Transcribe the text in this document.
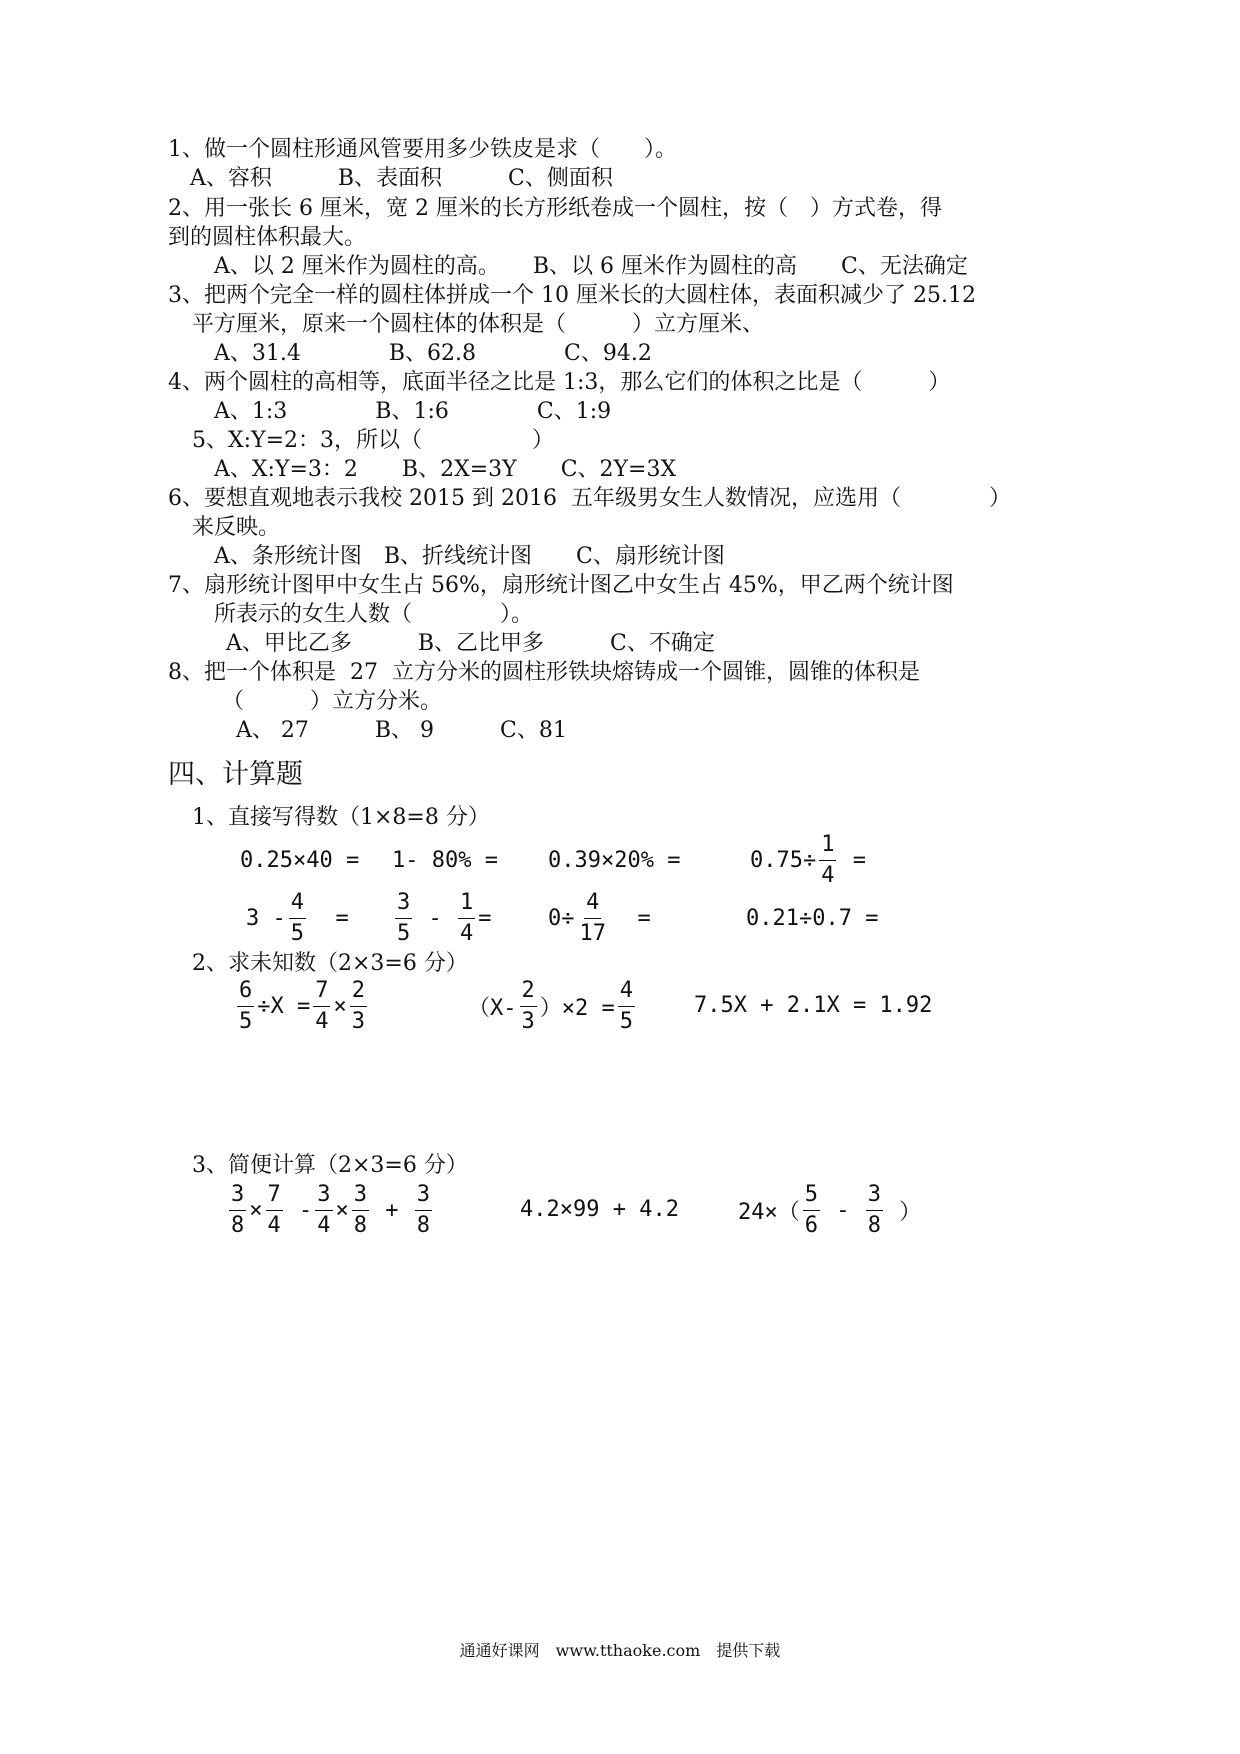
1、做一个圆柱形通风管要用多少铁皮是求（　　）。
A、容积　　　B、表面积　　　C、侧面积
2、用一张长 6 厘米，宽 2 厘米的长方形纸卷成一个圆柱，按（　）方式卷，得
到的圆柱体积最大。
A、以 2 厘米作为圆柱的高。　　B、以 6 厘米作为圆柱的高　　C、无法确定
3、把两个完全一样的圆柱体拼成一个 10 厘米长的大圆柱体，表面积减少了 25.12
平方厘米，原来一个圆柱体的体积是（　　　）立方厘米、
A、31.4　　　　B、62.8　　　　C、94.2
4、两个圆柱的高相等，底面半径之比是 1:3，那么它们的体积之比是（　　　）
A、1:3　　　　B、1:6　　　　C、1:9
5、X:Y=2：3，所以（　　　　　）
A、X:Y=3：2　　B、2X=3Y　　C、2Y=3X
6、要想直观地表示我校 2015 到 2016  五年级男女生人数情况，应选用（　　　　）
来反映。
A、条形统计图　B、折线统计图　　C、扇形统计图
7、扇形统计图甲中女生占 56%，扇形统计图乙中女生占 45%，甲乙两个统计图
所表示的女生人数（　　　　）。
A、甲比乙多　　　B、乙比甲多　　　C、不确定
8、把一个体积是  27  立方分米的圆柱形铁块熔铸成一个圆锥，圆锥的体积是
（　　　）立方分米。
A、 27　　　B、 9　　　C、81
四、计算题
1、直接写得数（1×8=8 分）
0.25×40 = 1- 80% = 0.39×20% =	$0.75\div \frac{1}{4}$ =
$3 - \frac{4}{5} = \frac{3}{5} - \frac{1}{4}$ =	$0\div \frac{4}{17}$ =	0.21÷0.7 =
2、求未知数（2×3=6 分）
$\frac{6}{5} \div X = \frac{7}{4} \times \frac{2}{3}$	$(X- \frac{2}{3} )\times 2 = \frac{4}{5}$	7.5X + 2.1X = 1.92
3、简便计算（2×3=6 分）
$\frac{3}{8} \times \frac{7}{4} - \frac{3}{4} \times \frac{3}{8} + \frac{3}{8}$	4.2×99 + 4.2	$24\times( \frac{5}{6} - \frac{3}{8}$ ）
通通好课网　www.tthaoke.com　提供下载
